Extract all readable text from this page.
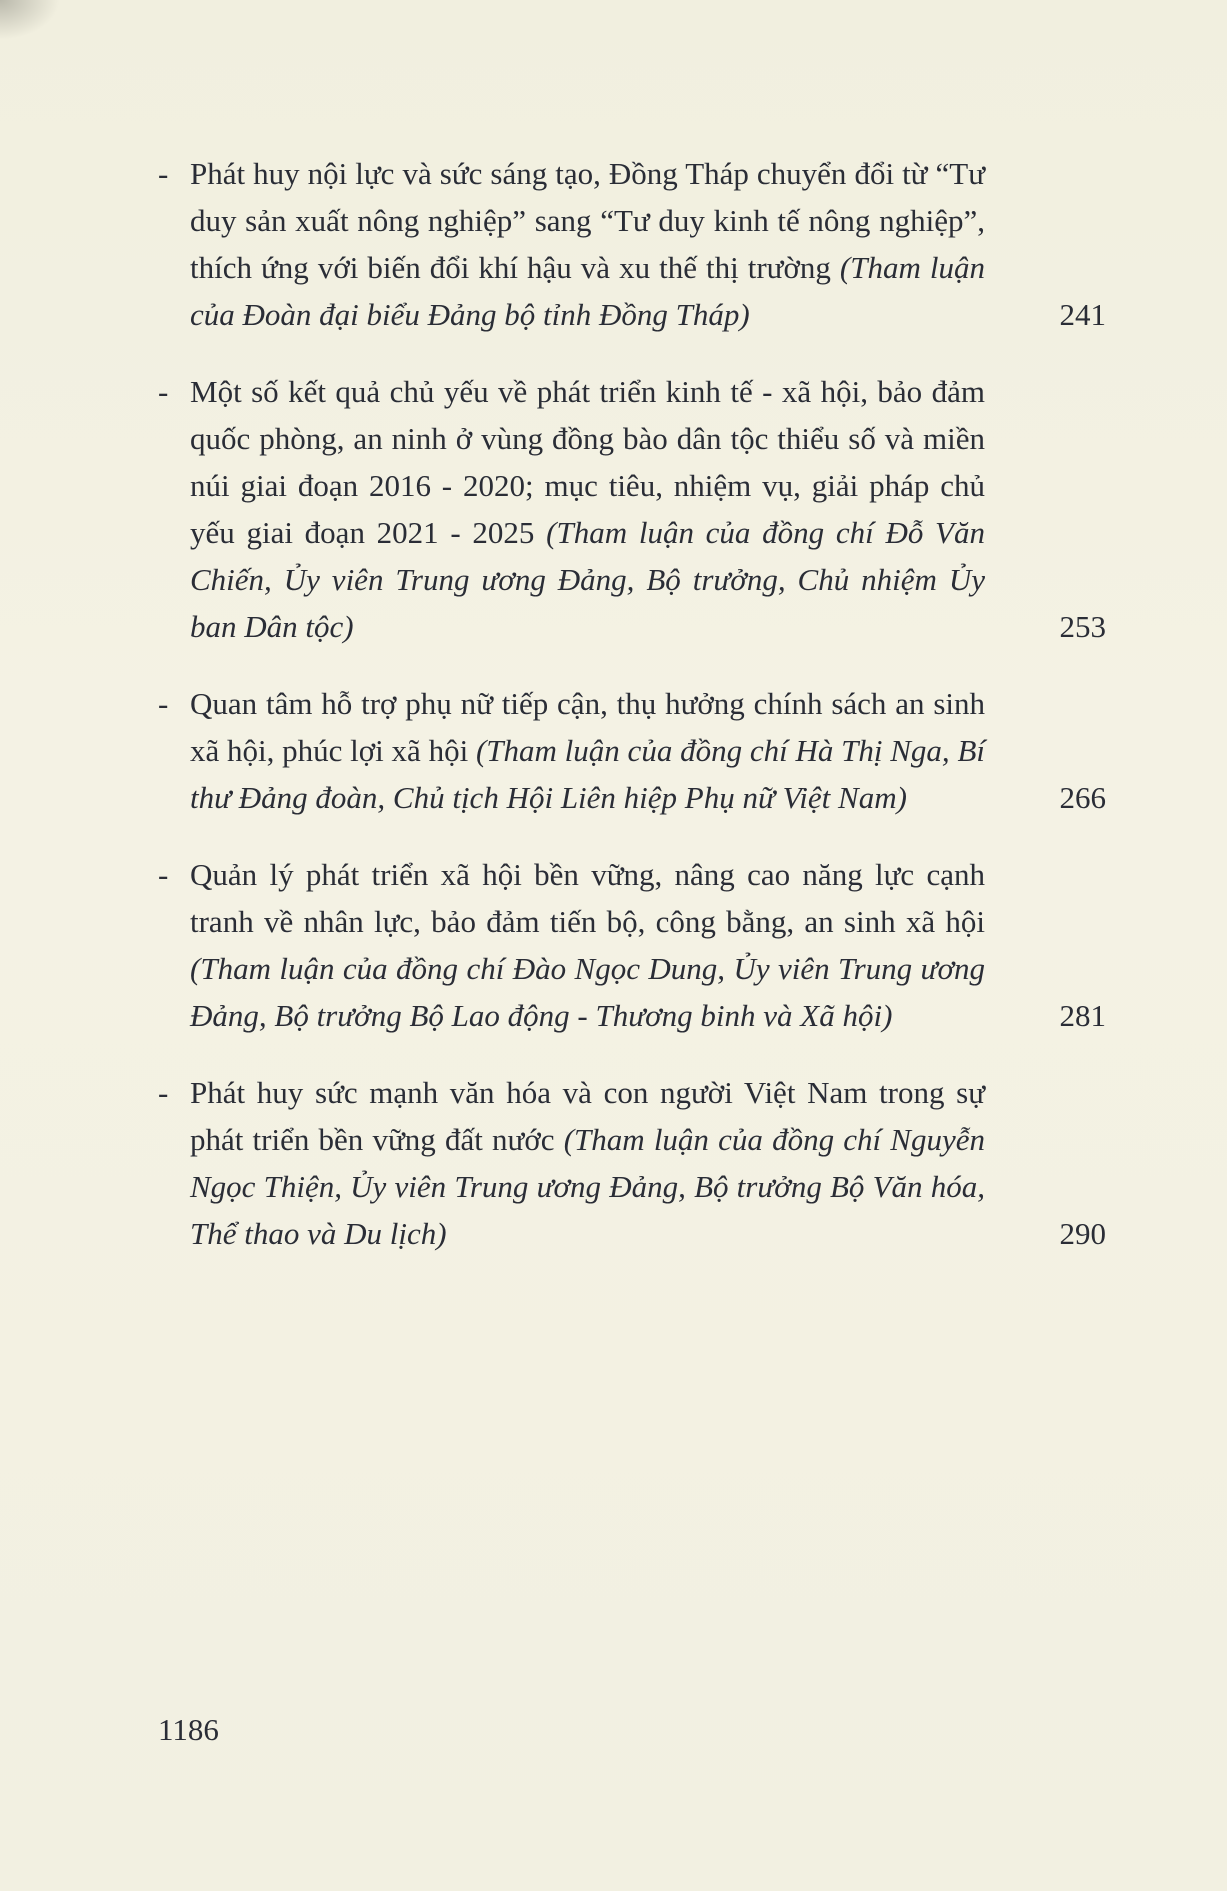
- Phát huy nội lực và sức sáng tạo, Đồng Tháp chuyển đổi từ “Tư duy sản xuất nông nghiệp” sang “Tư duy kinh tế nông nghiệp”, thích ứng với biến đổi khí hậu và xu thế thị trường (Tham luận của Đoàn đại biểu Đảng bộ tỉnh Đồng Tháp)	241
- Một số kết quả chủ yếu về phát triển kinh tế - xã hội, bảo đảm quốc phòng, an ninh ở vùng đồng bào dân tộc thiểu số và miền núi giai đoạn 2016 - 2020; mục tiêu, nhiệm vụ, giải pháp chủ yếu giai đoạn 2021 - 2025 (Tham luận của đồng chí Đỗ Văn Chiến, Ủy viên Trung ương Đảng, Bộ trưởng, Chủ nhiệm Ủy ban Dân tộc)	253
- Quan tâm hỗ trợ phụ nữ tiếp cận, thụ hưởng chính sách an sinh xã hội, phúc lợi xã hội (Tham luận của đồng chí Hà Thị Nga, Bí thư Đảng đoàn, Chủ tịch Hội Liên hiệp Phụ nữ Việt Nam)	266
- Quản lý phát triển xã hội bền vững, nâng cao năng lực cạnh tranh về nhân lực, bảo đảm tiến bộ, công bằng, an sinh xã hội (Tham luận của đồng chí Đào Ngọc Dung, Ủy viên Trung ương Đảng, Bộ trưởng Bộ Lao động - Thương binh và Xã hội)	281
- Phát huy sức mạnh văn hóa và con người Việt Nam trong sự phát triển bền vững đất nước (Tham luận của đồng chí Nguyễn Ngọc Thiện, Ủy viên Trung ương Đảng, Bộ trưởng Bộ Văn hóa, Thể thao và Du lịch)	290
1186
